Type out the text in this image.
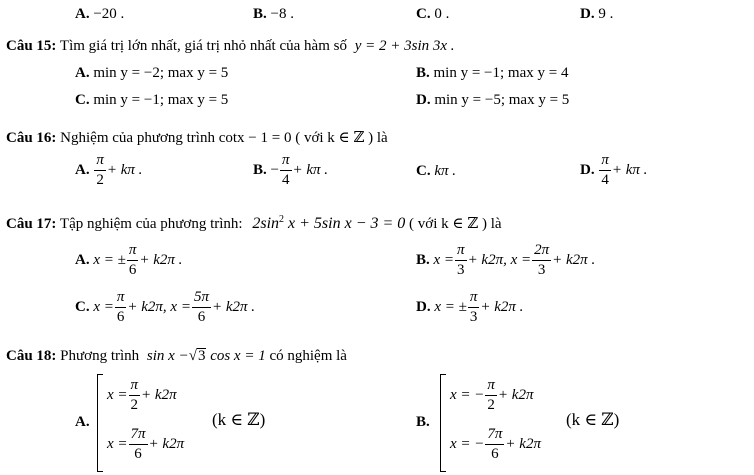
A. −20 .	B. −8 .	C. 0 .	D. 9 .
Câu 15: Tìm giá trị lớn nhất, giá trị nhỏ nhất của hàm số y = 2 + 3sin 3x .
A. min y = −2; max y = 5	B. min y = −1; max y = 4
C. min y = −1; max y = 5	D. min y = −5; max y = 5
Câu 16: Nghiệm của phương trình cotx − 1 = 0 ( với k ∈ ℤ ) là
A. $\frac{\pi}{2} + k\pi$ .	B. − $\frac{\pi}{4} + k\pi$ .	C. kπ .	D. $\frac{\pi}{4} + k\pi$ .
Câu 17: Tập nghiệm của phương trình: $2\sin^2$ x + 5sin x − 3 = 0 ( với k ∈ ℤ ) là
A. x = ± $\frac{\pi}{6} + k2\pi$ .	B. $x = \frac{\pi}{3} + k2\pi$, $x = \frac{2\pi}{3} + k2\pi$ .
C. $x = \frac{\pi}{6} + k2\pi$, $x = \frac{5\pi}{6} + k2\pi$ .	D. x = ± $\frac{\pi}{3} + k2\pi$ .
Câu 18: Phương trình sin x −√3 cos x = 1 có nghiệm là
A.
$x = \frac{\pi}{2} + k2\pi$
$x = \frac{7\pi}{6} + k2\pi$
(k ∈ ℤ)	B.
x = − $\frac{\pi}{2} + k2\pi$
x = − $\frac{7\pi}{6} + k2\pi$
(k ∈ ℤ)
